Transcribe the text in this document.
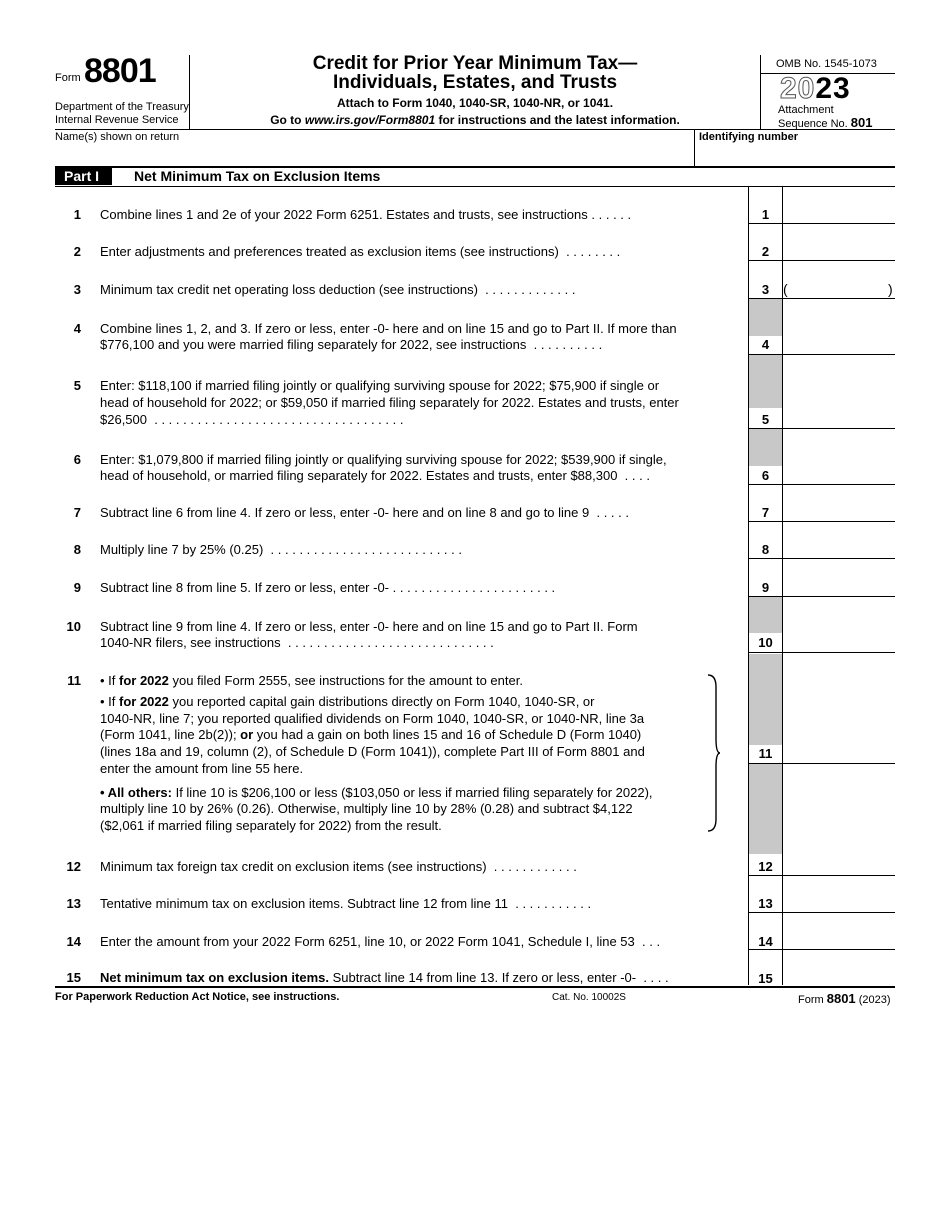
Form 8801
Department of the Treasury
Internal Revenue Service
Credit for Prior Year Minimum Tax—
Individuals, Estates, and Trusts
Attach to Form 1040, 1040-SR, 1040-NR, or 1041.
Go to www.irs.gov/Form8801 for instructions and the latest information.
OMB No. 1545-1073
2023
Attachment
Sequence No. 801
Name(s) shown on return	Identifying number
Part I	Net Minimum Tax on Exclusion Items
1 Combine lines 1 and 2e of your 2022 Form 6251. Estates and trusts, see instructions . . . . . .	1
2 Enter adjustments and preferences treated as exclusion items (see instructions) . . . . . . . .	2
3 Minimum tax credit net operating loss deduction (see instructions) . . . . . . . . . . . . .	3 (	)
4 Combine lines 1, 2, and 3. If zero or less, enter -0- here and on line 15 and go to Part II. If more than
$776,100 and you were married filing separately for 2022, see instructions . . . . . . . . . .	4
5 Enter: $118,100 if married filing jointly or qualifying surviving spouse for 2022; $75,900 if single or
head of household for 2022; or $59,050 if married filing separately for 2022. Estates and trusts, enter
$26,500 . . . . . . . . . . . . . . . . . . . . . . . . . . . . . . . . . . .	5
6 Enter: $1,079,800 if married filing jointly or qualifying surviving spouse for 2022; $539,900 if single,
head of household, or married filing separately for 2022. Estates and trusts, enter $88,300 . . . .	6
7 Subtract line 6 from line 4. If zero or less, enter -0- here and on line 8 and go to line 9 . . . . .	7
8 Multiply line 7 by 25% (0.25) . . . . . . . . . . . . . . . . . . . . . . . . . . .	8
9 Subtract line 8 from line 5. If zero or less, enter -0- . . . . . . . . . . . . . . . . . . . . . . .	9
10 Subtract line 9 from line 4. If zero or less, enter -0- here and on line 15 and go to Part II. Form
1040-NR filers, see instructions . . . . . . . . . . . . . . . . . . . . . . . . . . . . .	10
11 • If for 2022 you filed Form 2555, see instructions for the amount to enter.
• If for 2022 you reported capital gain distributions directly on Form 1040, 1040-SR, or
1040-NR, line 7; you reported qualified dividends on Form 1040, 1040-SR, or 1040-NR, line 3a
(Form 1041, line 2b(2)); or you had a gain on both lines 15 and 16 of Schedule D (Form 1040)
(lines 18a and 19, column (2), of Schedule D (Form 1041)), complete Part III of Form 8801 and
enter the amount from line 55 here.
• All others: If line 10 is $206,100 or less ($103,050 or less if married filing separately for 2022),
multiply line 10 by 26% (0.26). Otherwise, multiply line 10 by 28% (0.28) and subtract $4,122
($2,061 if married filing separately for 2022) from the result.
11
12 Minimum tax foreign tax credit on exclusion items (see instructions) . . . . . . . . . . . .	12
13 Tentative minimum tax on exclusion items. Subtract line 12 from line 11 . . . . . . . . . . .	13
14 Enter the amount from your 2022 Form 6251, line 10, or 2022 Form 1041, Schedule I, line 53 . . .	14
15 Net minimum tax on exclusion items. Subtract line 14 from line 13. If zero or less, enter -0- . . . .	15
For Paperwork Reduction Act Notice, see instructions.	Cat. No. 10002S	Form 8801 (2023)
